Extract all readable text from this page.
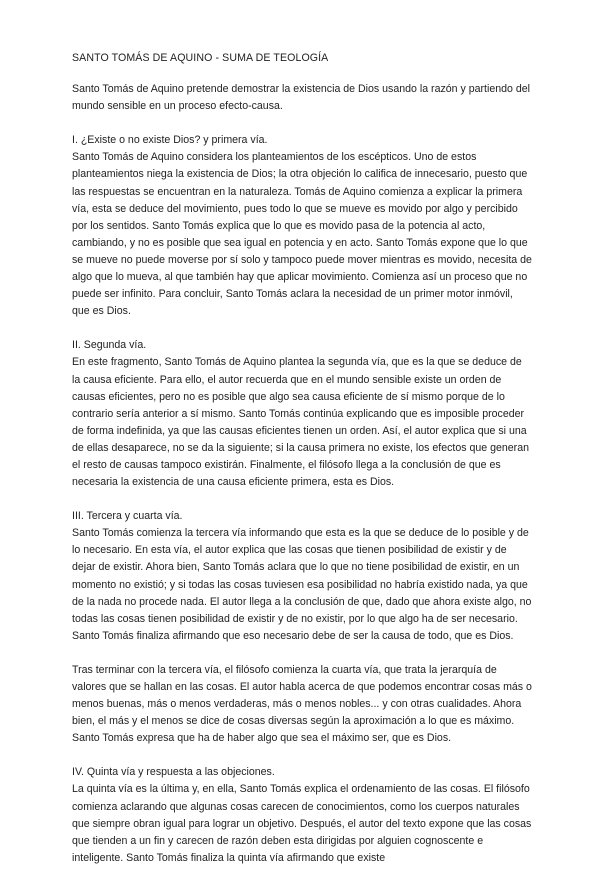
SANTO TOMÁS DE AQUINO - SUMA DE TEOLOGÍA

Santo Tomás de Aquino pretende demostrar la existencia de Dios usando la razón y partiendo del mundo sensible en un proceso efecto-causa.

I. ¿Existe o no existe Dios? y primera vía.
Santo Tomás de Aquino considera los planteamientos de los escépticos. Uno de estos planteamientos niega la existencia de Dios; la otra objeción lo califica de innecesario, puesto que las respuestas se encuentran en la naturaleza. Tomás de Aquino comienza a explicar la primera vía, esta se deduce del movimiento, pues todo lo que se mueve es movido por algo y percibido por los sentidos. Santo Tomás explica que lo que es movido pasa de la potencia al acto, cambiando, y no es posible que sea igual en potencia y en acto. Santo Tomás expone que lo que se mueve no puede moverse por sí solo y tampoco puede mover mientras es movido, necesita de algo que lo mueva, al que también hay que aplicar movimiento. Comienza así un proceso que no puede ser infinito. Para concluir, Santo Tomás aclara la necesidad de un primer motor inmóvil, que es Dios.

II. Segunda vía.
En este fragmento, Santo Tomás de Aquino plantea la segunda vía, que es la que se deduce de la causa eficiente. Para ello, el autor recuerda que en el mundo sensible existe un orden de causas eficientes, pero no es posible que algo sea causa eficiente de sí mismo porque de lo contrario sería anterior a sí mismo. Santo Tomás continúa explicando que es imposible proceder de forma indefinida, ya que las causas eficientes tienen un orden. Así, el autor explica que si una de ellas desaparece, no se da la siguiente; si la causa primera no existe, los efectos que generan el resto de causas tampoco existirán. Finalmente, el filósofo llega a la conclusión de que es necesaria la existencia de una causa eficiente primera, esta es Dios.

III. Tercera y cuarta vía.
Santo Tomás comienza la tercera vía informando que esta es la que se deduce de lo posible y de lo necesario. En esta vía, el autor explica que las cosas que tienen posibilidad de existir y de dejar de existir. Ahora bien, Santo Tomás aclara que lo que no tiene posibilidad de existir, en un momento no existió; y si todas las cosas tuviesen esa posibilidad no habría existido nada, ya que de la nada no procede nada. El autor llega a la conclusión de que, dado que ahora existe algo, no todas las cosas tienen posibilidad de existir y de no existir, por lo que algo ha de ser necesario. Santo Tomás finaliza afirmando que eso necesario debe de ser la causa de todo, que es Dios.

Tras terminar con la tercera vía, el filósofo comienza la cuarta vía, que trata la jerarquía de valores que se hallan en las cosas. El autor habla acerca de que podemos encontrar cosas más o menos buenas, más o menos verdaderas, más o menos nobles... y con otras cualidades. Ahora bien, el más y el menos se dice de cosas diversas según la aproximación a lo que es máximo. Santo Tomás expresa que ha de haber algo que sea el máximo ser, que es Dios.

IV. Quinta vía y respuesta a las objeciones.
La quinta vía es la última y, en ella, Santo Tomás explica el ordenamiento de las cosas. El filósofo comienza aclarando que algunas cosas carecen de conocimientos, como los cuerpos naturales que siempre obran igual para lograr un objetivo. Después, el autor del texto expone que las cosas que tienden a un fin y carecen de razón deben esta dirigidas por alguien cognoscente e inteligente. Santo Tomás finaliza la quinta vía afirmando que existe
